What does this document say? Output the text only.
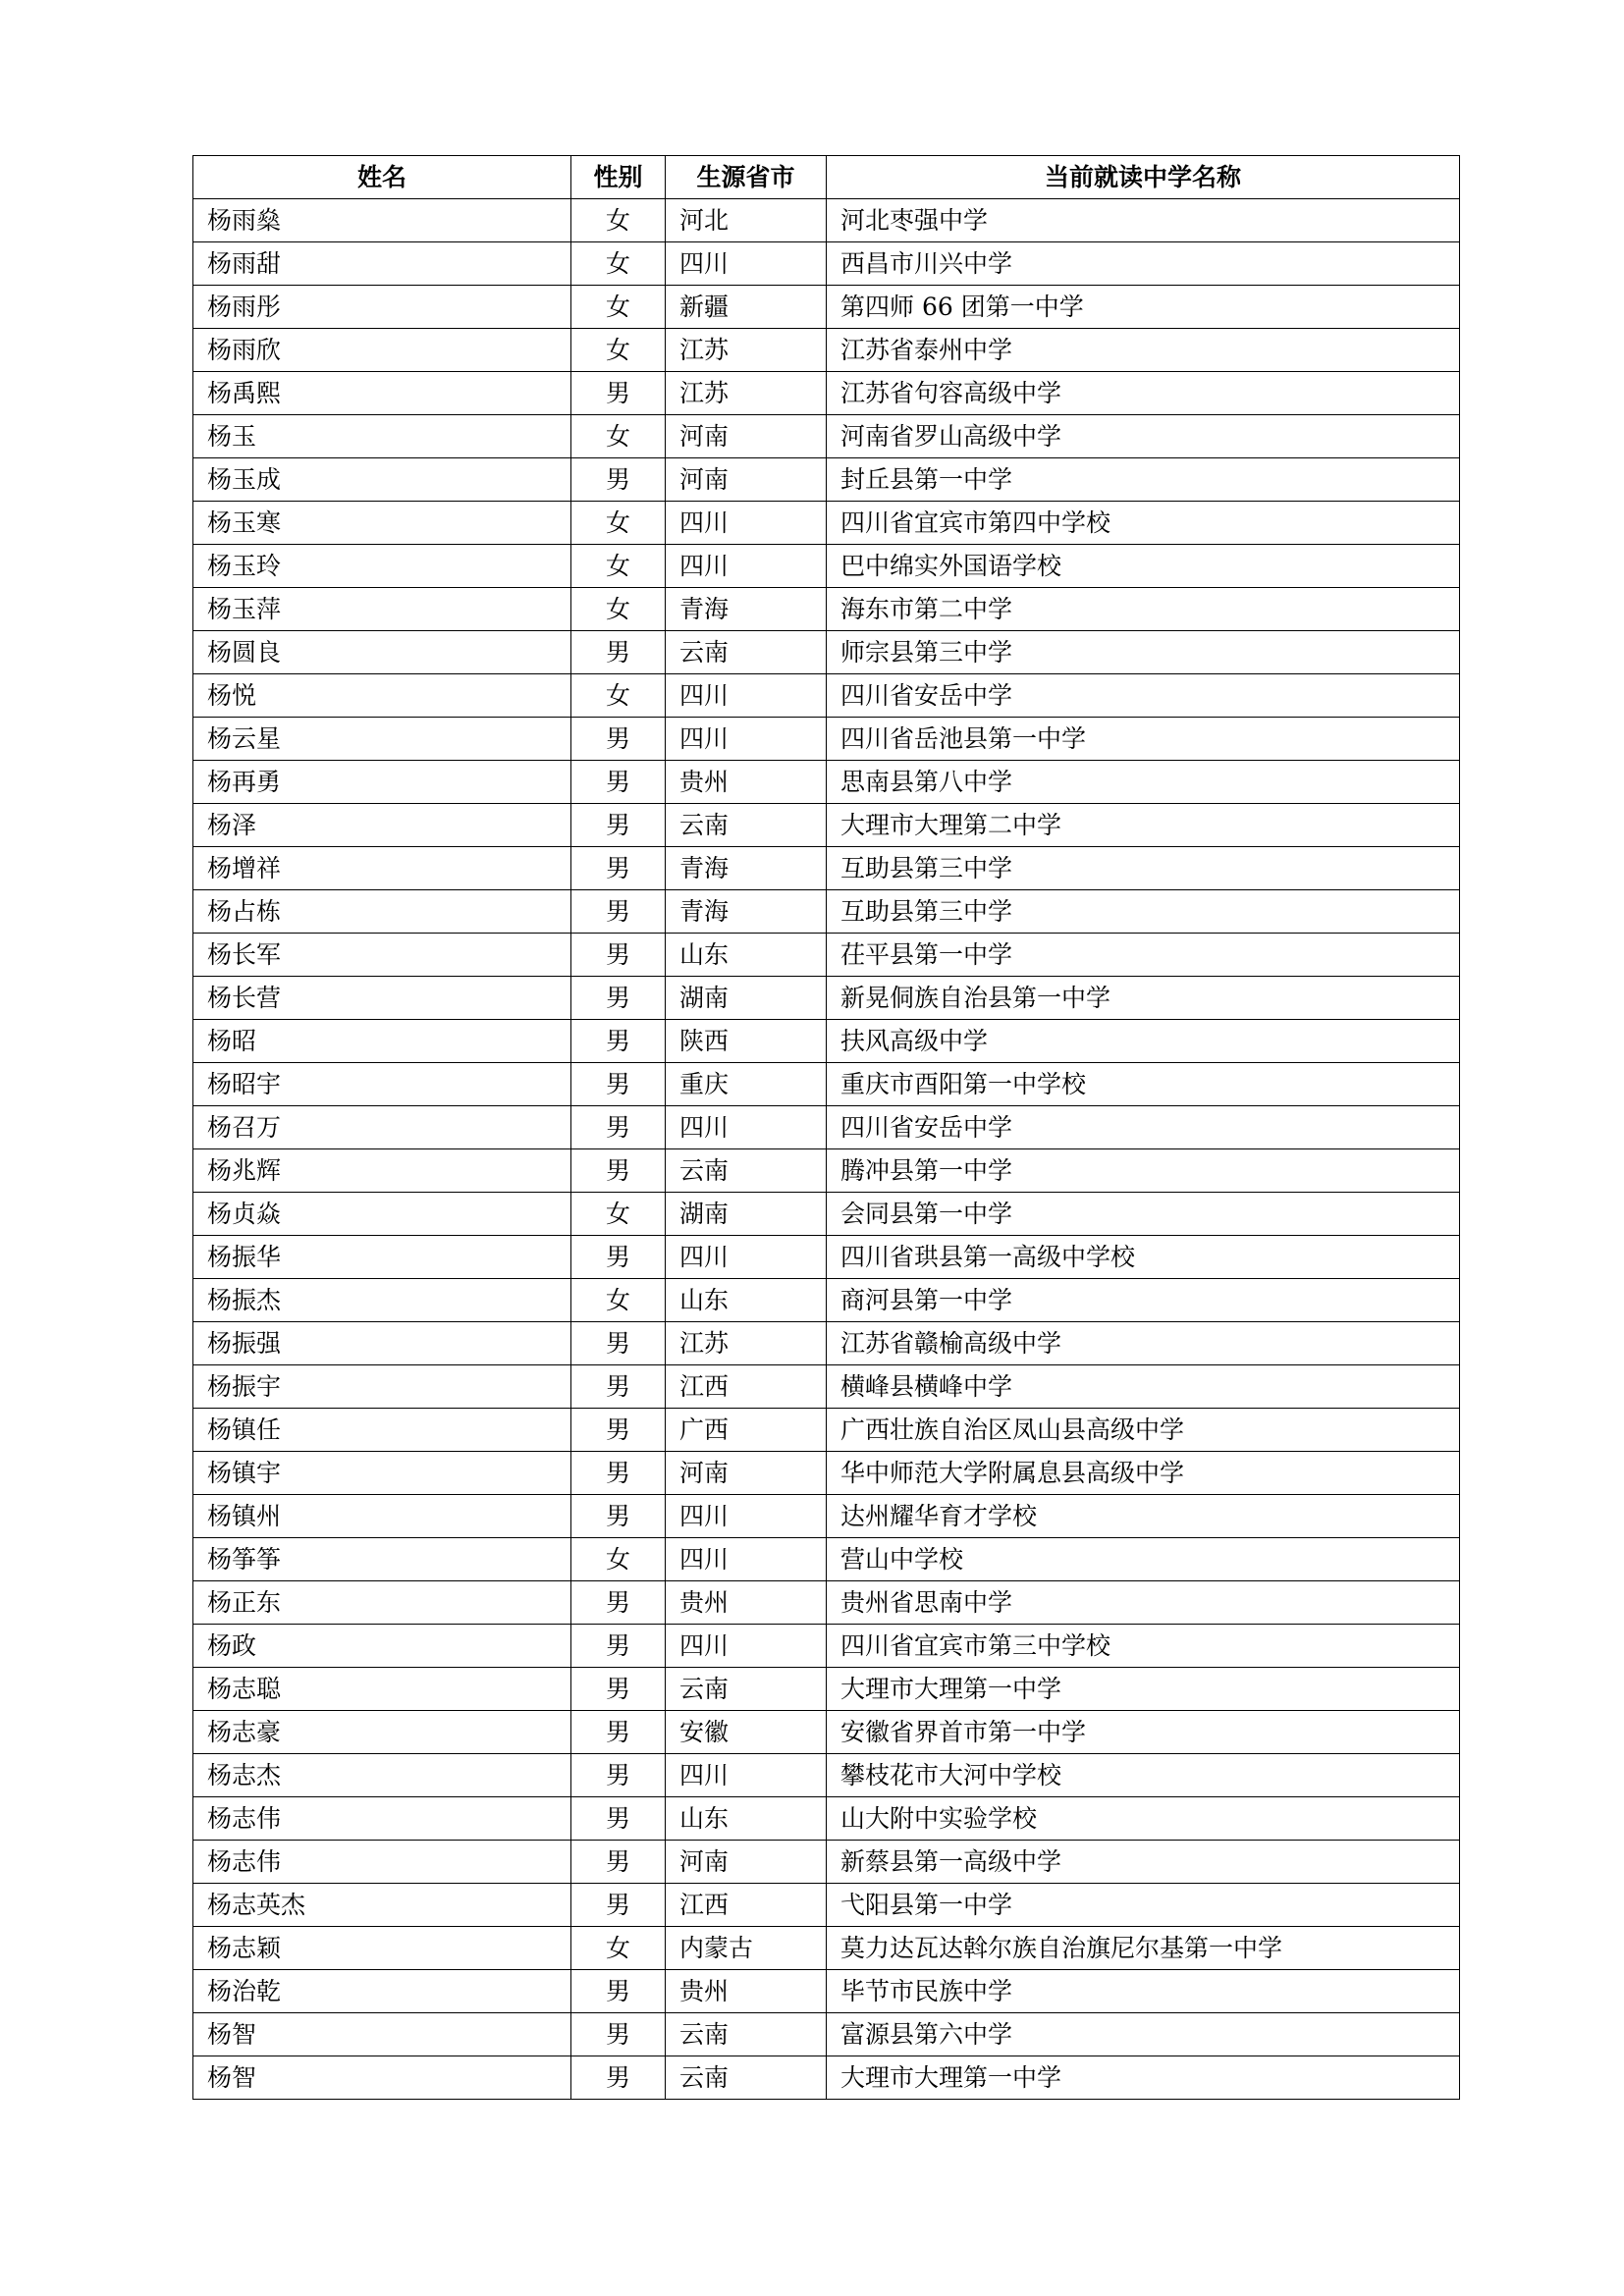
姓名	性别	生源省市	当前就读中学名称
杨雨燊	女	河北	河北枣强中学
杨雨甜	女	四川	西昌市川兴中学
杨雨彤	女	新疆	第四师 66 团第一中学
杨雨欣	女	江苏	江苏省泰州中学
杨禹熙	男	江苏	江苏省句容高级中学
杨玉	女	河南	河南省罗山高级中学
杨玉成	男	河南	封丘县第一中学
杨玉寒	女	四川	四川省宜宾市第四中学校
杨玉玲	女	四川	巴中绵实外国语学校
杨玉萍	女	青海	海东市第二中学
杨圆良	男	云南	师宗县第三中学
杨悦	女	四川	四川省安岳中学
杨云星	男	四川	四川省岳池县第一中学
杨再勇	男	贵州	思南县第八中学
杨泽	男	云南	大理市大理第二中学
杨增祥	男	青海	互助县第三中学
杨占栋	男	青海	互助县第三中学
杨长军	男	山东	茌平县第一中学
杨长营	男	湖南	新晃侗族自治县第一中学
杨昭	男	陕西	扶风高级中学
杨昭宇	男	重庆	重庆市酉阳第一中学校
杨召万	男	四川	四川省安岳中学
杨兆辉	男	云南	腾冲县第一中学
杨贞焱	女	湖南	会同县第一中学
杨振华	男	四川	四川省珙县第一高级中学校
杨振杰	女	山东	商河县第一中学
杨振强	男	江苏	江苏省赣榆高级中学
杨振宇	男	江西	横峰县横峰中学
杨镇任	男	广西	广西壮族自治区凤山县高级中学
杨镇宇	男	河南	华中师范大学附属息县高级中学
杨镇州	男	四川	达州耀华育才学校
杨筝筝	女	四川	营山中学校
杨正东	男	贵州	贵州省思南中学
杨政	男	四川	四川省宜宾市第三中学校
杨志聪	男	云南	大理市大理第一中学
杨志豪	男	安徽	安徽省界首市第一中学
杨志杰	男	四川	攀枝花市大河中学校
杨志伟	男	山东	山大附中实验学校
杨志伟	男	河南	新蔡县第一高级中学
杨志英杰	男	江西	弋阳县第一中学
杨志颖	女	内蒙古	莫力达瓦达斡尔族自治旗尼尔基第一中学
杨治乾	男	贵州	毕节市民族中学
杨智	男	云南	富源县第六中学
杨智	男	云南	大理市大理第一中学
